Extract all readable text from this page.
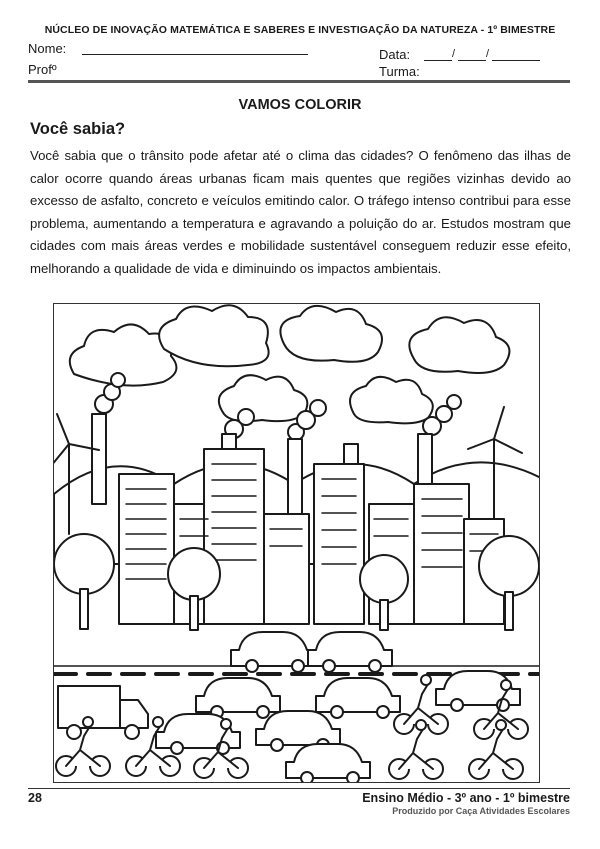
NÚCLEO DE INOVAÇÃO MATEMÁTICA E SABERES E INVESTIGAÇÃO DA NATUREZA - 1º BIMESTRE
Nome:
Profº
Data:	/	/
Turma:
VAMOS COLORIR
Você sabia?

Você sabia que o trânsito pode afetar até o clima das cidades? O fenômeno das ilhas de calor ocorre quando áreas urbanas ficam mais quentes que regiões vizinhas devido ao excesso de asfalto, concreto e veículos emitindo calor. O tráfego intenso contribui para esse problema, aumentando a temperatura e agravando a poluição do ar. Estudos mostram que cidades com mais áreas verdes e mobilidade sustentável conseguem reduzir esse efeito, melhorando a qualidade de vida e diminuindo os impactos ambientais.

28	Ensino Médio - 3º ano - 1º bimestre
Produzido por Caça Atividades Escolares
